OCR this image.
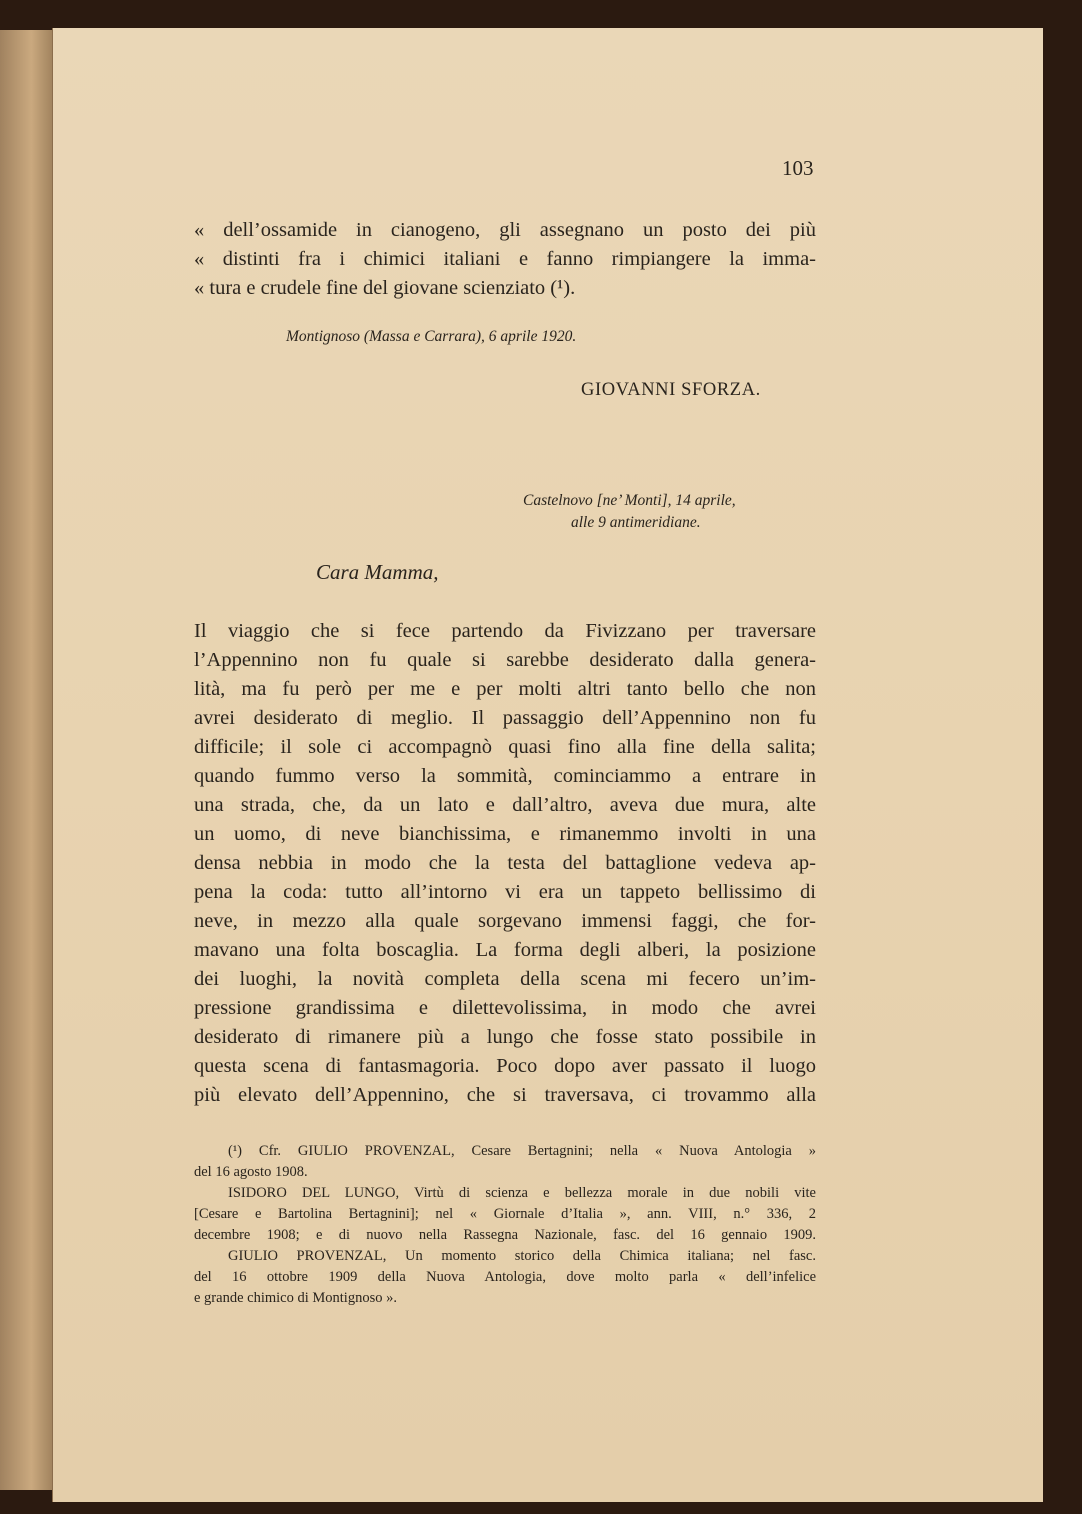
103
« dell’ossamide in cianogeno, gli assegnano un posto dei più
« distinti fra i chimici italiani e fanno rimpiangere la imma-
« tura e crudele fine del giovane scienziato (¹).
Montignoso (Massa e Carrara), 6 aprile 1920.
GIOVANNI SFORZA.
Castelnovo [ne’ Monti], 14 aprile,
alle 9 antimeridiane.
Cara Mamma,
Il viaggio che si fece partendo da Fivizzano per traversare
l’Appennino non fu quale si sarebbe desiderato dalla genera-
lità, ma fu però per me e per molti altri tanto bello che non
avrei desiderato di meglio. Il passaggio dell’Appennino non fu
difficile; il sole ci accompagnò quasi fino alla fine della salita;
quando fummo verso la sommità, cominciammo a entrare in
una strada, che, da un lato e dall’altro, aveva due mura, alte
un uomo, di neve bianchissima, e rimanemmo involti in una
densa nebbia in modo che la testa del battaglione vedeva ap-
pena la coda: tutto all’intorno vi era un tappeto bellissimo di
neve, in mezzo alla quale sorgevano immensi faggi, che for-
mavano una folta boscaglia. La forma degli alberi, la posizione
dei luoghi, la novità completa della scena mi fecero un’im-
pressione grandissima e dilettevolissima, in modo che avrei
desiderato di rimanere più a lungo che fosse stato possibile in
questa scena di fantasmagoria. Poco dopo aver passato il luogo
più elevato dell’Appennino, che si traversava, ci trovammo alla
(¹) Cfr. GIULIO PROVENZAL, Cesare Bertagnini; nella « Nuova Antologia »
del 16 agosto 1908.
ISIDORO DEL LUNGO, Virtù di scienza e bellezza morale in due nobili vite
[Cesare e Bartolina Bertagnini]; nel « Giornale d’Italia », ann. VIII, n.° 336, 2
decembre 1908; e di nuovo nella Rassegna Nazionale, fasc. del 16 gennaio 1909.
GIULIO PROVENZAL, Un momento storico della Chimica italiana; nel fasc.
del 16 ottobre 1909 della Nuova Antologia, dove molto parla « dell’infelice
e grande chimico di Montignoso ».
